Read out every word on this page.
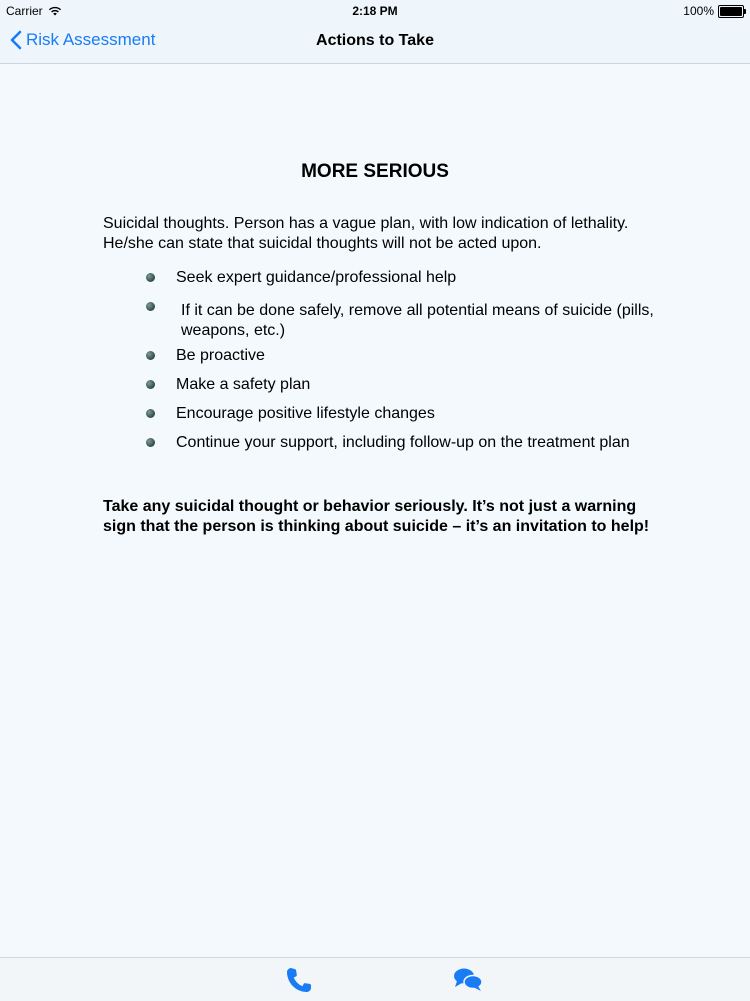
Carrier	2:18 PM	100%
Risk Assessment	Actions to Take
MORE SERIOUS
Suicidal thoughts. Person has a vague plan, with low indication of lethality. He/she can state that suicidal thoughts will not be acted upon.
Seek expert guidance/professional help
If it can be done safely, remove all potential means of suicide (pills, weapons, etc.)
Be proactive
Make a safety plan
Encourage positive lifestyle changes
Continue your support, including follow-up on the treatment plan
Take any suicidal thought or behavior seriously. It’s not just a warning sign that the person is thinking about suicide – it’s an invitation to help!
